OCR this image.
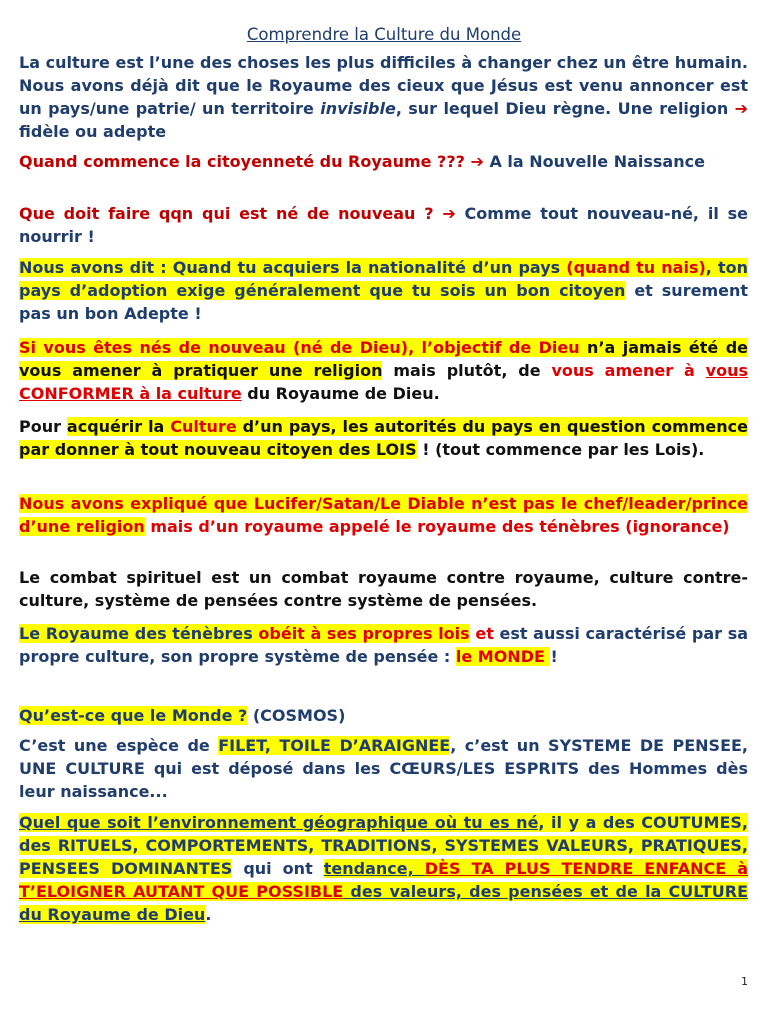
Comprendre la Culture du Monde
La culture est l’une des choses les plus difficiles à changer chez un être humain. Nous avons déjà dit que le Royaume des cieux que Jésus est venu annoncer est un pays/une patrie/ un territoire invisible, sur lequel Dieu règne. Une religion ➔ fidèle ou adepte
Quand commence la citoyenneté du Royaume ??? ➔ A la Nouvelle Naissance
Que doit faire qqn qui est né de nouveau ? ➔ Comme tout nouveau-né, il se nourrir !
Nous avons dit : Quand tu acquiers la nationalité d’un pays (quand tu nais), ton pays d’adoption exige généralement que tu sois un bon citoyen et surement pas un bon Adepte !
Si vous êtes nés de nouveau (né de Dieu), l’objectif de Dieu n’a jamais été de vous amener à pratiquer une religion mais plutôt, de vous amener à vous CONFORMER à la culture du Royaume de Dieu.
Pour acquérir la Culture d’un pays, les autorités du pays en question commence par donner à tout nouveau citoyen des LOIS ! (tout commence par les Lois).
Nous avons expliqué que Lucifer/Satan/Le Diable n’est pas le chef/leader/prince d’une religion mais d’un royaume appelé le royaume des ténèbres (ignorance)
Le combat spirituel est un combat royaume contre royaume, culture contre-culture, système de pensées contre système de pensées.
Le Royaume des ténèbres obéit à ses propres lois et est aussi caractérisé par sa propre culture, son propre système de pensée : le MONDE !
Qu’est-ce que le Monde ? (COSMOS)
C’est une espèce de FILET, TOILE D’ARAIGNEE, c’est un SYSTEME DE PENSEE, UNE CULTURE qui est déposé dans les CŒURS/LES ESPRITS des Hommes dès leur naissance...
Quel que soit l’environnement géographique où tu es né, il y a des COUTUMES, des RITUELS, COMPORTEMENTS, TRADITIONS, SYSTEMES VALEURS, PRATIQUES, PENSEES DOMINANTES qui ont tendance, DÈS TA PLUS TENDRE ENFANCE à T’ELOIGNER AUTANT QUE POSSIBLE des valeurs, des pensées et de la CULTURE du Royaume de Dieu.
1
